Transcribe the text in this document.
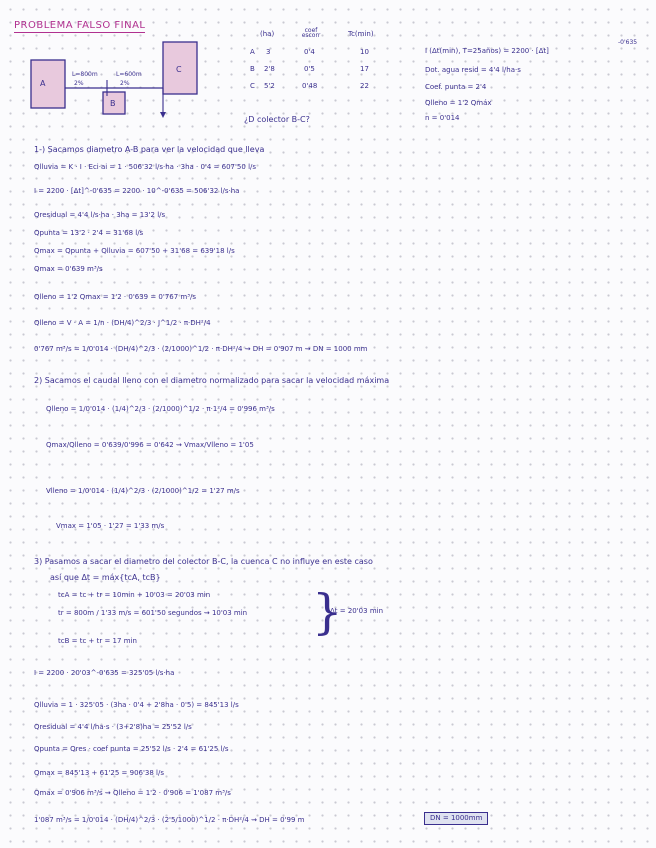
PROBLEMA FALSO FINAL
A
B
C
L=800m
2%
L=600m
2%
(ha)	coef escorr	Tc(min)
A 3	0'4	10
B 2'8	0'5	17
C 5'2	0'48	22
¿D colector B-C?
I (Δt(min), T=25años) = 2200 · [Δt]
-0'635
Dot. agua resid = 4'4 l/ha·s
Coef. punta = 2'4
Qlleno = 1'2 Qmáx
n = 0'014
1-) Sacamos diametro A-B para ver la velocidad que lleva
Qlluvia = K · I · Eci·ai = 1 · 506'32 l/s·ha · 3ha · 0'4 = 607'50 l/s
I = 2200 · [Δt]^-0'635 = 2200 · 10^-0'635 = 506'32 l/s·ha
Qresidual = 4'4 l/s·ha · 3ha = 13'2 l/s
Qpunta = 13'2 · 2'4 = 31'68 l/s
Qmax = Qpunta + Qlluvia = 607'50 + 31'68 = 639'18 l/s
Qmax = 0'639 m³/s
Qlleno = 1'2 Qmax = 1'2 · 0'639 = 0'767 m³/s
Qlleno = V · A = 1/n · (DH/4)^2/3 · J^1/2 · π·DH²/4
0'767 m³/s = 1/0'014 · (DH/4)^2/3 · (2/1000)^1/2 · π·DH²/4 ⇝ DH = 0'907 m ⇝ DN = 1000 mm
2) Sacamos el caudal lleno con el diametro normalizado para sacar la velocidad máxima
Qlleno = 1/0'014 · (1/4)^2/3 · (2/1000)^1/2 · π·1²/4 = 0'996 m³/s
Qmax/Qlleno = 0'639/0'996 = 0'642 ⇝ Vmax/Vlleno = 1'05
Vlleno = 1/0'014 · (1/4)^2/3 · (2/1000)^1/2 = 1'27 m/s
Vmax = 1'05 · 1'27 = 1'33 m/s
3) Pasamos a sacar el diametro del colector B-C, la cuenca C no influye en este caso
así que Δt = máx{tcA, tcB}
tcA = tc + tr = 10min + 10'03 = 20'03 min
tr = 800m / 1'33 m/s = 601'50 segundos ⇝ 10'03 min
tcB = tc + tr = 17 min
}
Δt = 20'03 min
I = 2200 · 20'03^-0'635 = 325'05 l/s·ha
Qlluvia = 1 · 325'05 · (3ha · 0'4 + 2'8ha · 0'5) = 845'13 l/s
Qresidual = 4'4 l/ha·s · (3+2'8)ha = 25'52 l/s
Qpunta = Qres · coef punta = 25'52 l/s · 2'4 = 61'25 l/s
Qmax = 845'13 + 61'25 = 906'38 l/s
Qmax = 0'906 m³/s ⇝ Qlleno = 1'2 · 0'906 = 1'087 m³/s
1'087 m³/s = 1/0'014 · (DH/4)^2/3 · (2'5/1000)^1/2 · π·DH²/4 ⇝ DH = 0'99 m	DN = 1000mm
